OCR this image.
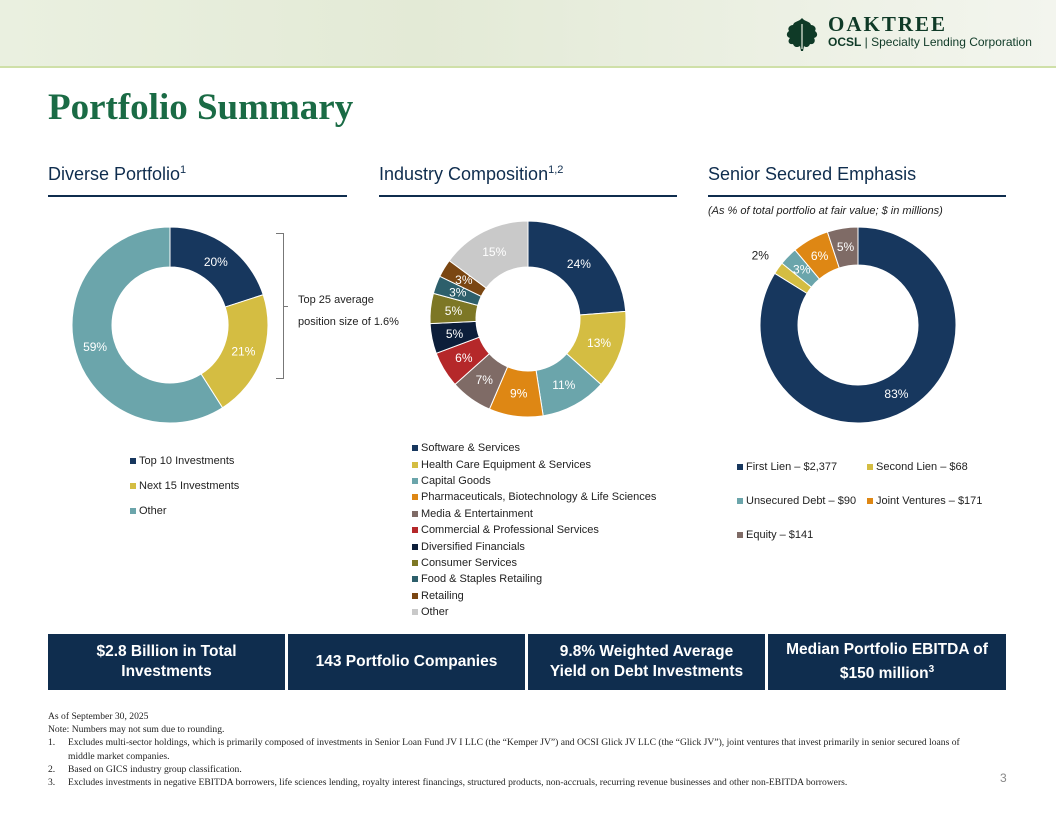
OAKTREE
OCSL | Specialty Lending Corporation
Portfolio Summary
Diverse Portfolio$^1$	Industry Composition$^{1,2}$	Senior Secured Emphasis
(As % of total portfolio at fair value; $ in millions)
20%
21%
59%
24%
13%
11%
9%
7%
6%
5%
5%
3%
3%
15%
83%
2%
3%
6%
5%
Top 25 average
position size of 1.6%
Top 10 Investments
Next 15 Investments
Other
Software & Services
Health Care Equipment & Services
Capital Goods
Pharmaceuticals, Biotechnology & Life Sciences
Media & Entertainment
Commercial & Professional Services
Diversified Financials
Consumer Services
Food & Staples Retailing
Retailing
Other
First Lien – $2,377	Second Lien – $68
Unsecured Debt – $90 Joint Ventures – $171
Equity – $141
$2.8 Billion in Total
Investments
143 Portfolio Companies
9.8% Weighted Average
Yield on Debt Investments
Median Portfolio EBITDA of
$150 million$^3$
As of September 30, 2025
Note: Numbers may not sum due to rounding.
1.	Excludes multi-sector holdings, which is primarily composed of investments in Senior Loan Fund JV I LLC (the “Kemper JV”) and OCSI Glick JV LLC (the “Glick JV”), joint ventures that invest primarily in senior secured loans of middle market companies.
2.	Based on GICS industry group classification.
3.	Excludes investments in negative EBITDA borrowers, life sciences lending, royalty interest financings, structured products, non-accruals, recurring revenue businesses and other non-EBITDA borrowers.	3
